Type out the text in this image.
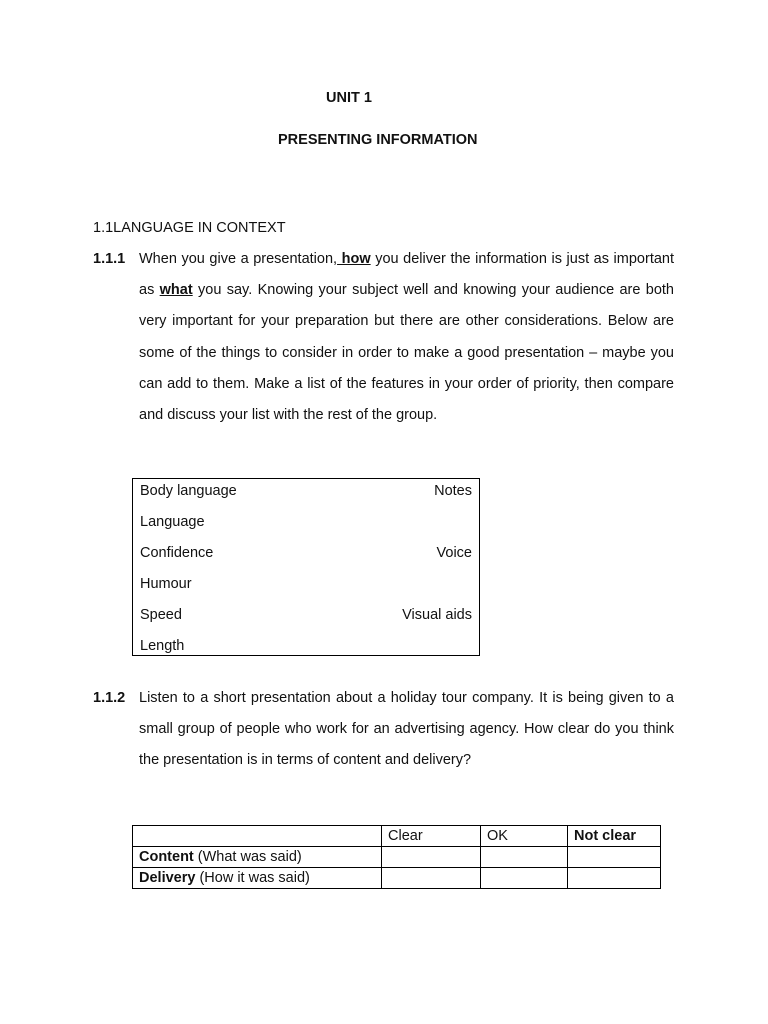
UNIT 1
PRESENTING INFORMATION
1.1LANGUAGE IN CONTEXT
1.1.1 When you give a presentation, how you deliver the information is just as important as what you say. Knowing your subject well and knowing your audience are both very important for your preparation but there are other considerations. Below are some of the things to consider in order to make a good presentation – maybe you can add to them. Make a list of the features in your order of priority, then compare and discuss your list with the rest of the group.

Body language	Notes
Language
Confidence	Voice
Humour
Speed	Visual aids
Length
1.1.2 Listen to a short presentation about a holiday tour company. It is being given to a small group of people who work for an advertising agency. How clear do you think the presentation is in terms of content and delivery?

	Clear	OK	Not clear
Content (What was said)			
Delivery (How it was said)			
